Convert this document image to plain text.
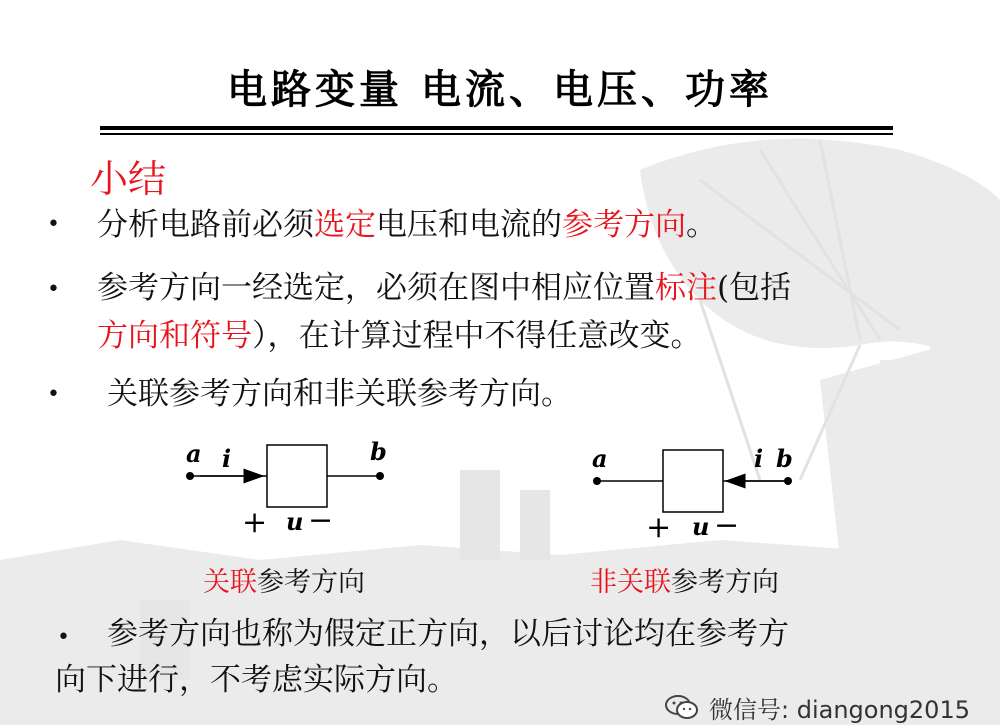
电路变量 电流、电压、功率
小结
• 分析电路前必须选定电压和电流的参考方向。
• 参考方向一经选定，必须在图中相应位置标注(包括
方向和符号），在计算过程中不得任意改变。
• 关联参考方向和非关联参考方向。
a i	b
+ u −
a	i b
+ u −
关联参考方向	非关联参考方向
• 参考方向也称为假定正方向，以后讨论均在参考方
向下进行，不考虑实际方向。
微信号: diangong2015
